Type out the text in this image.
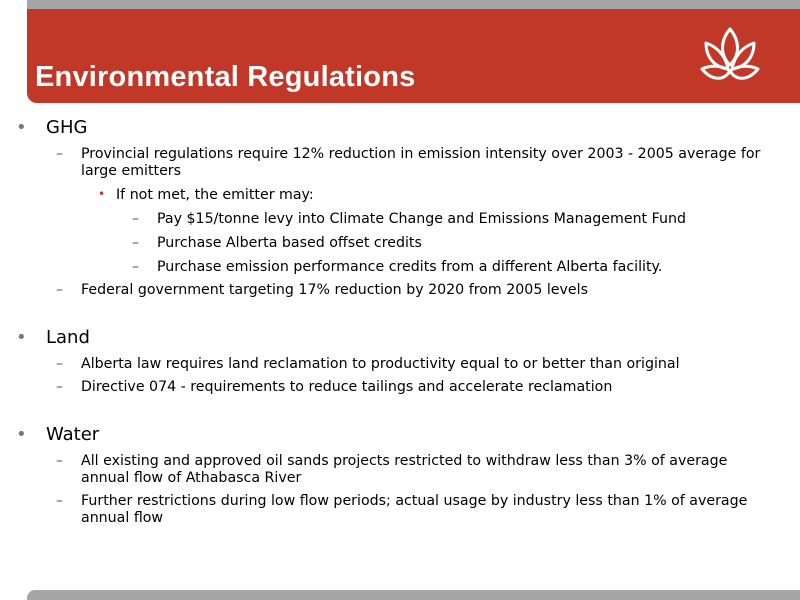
Environmental Regulations
• GHG
– Provincial regulations require 12% reduction in emission intensity over 2003 - 2005 average for large emitters
• If not met, the emitter may:
– Pay $15/tonne levy into Climate Change and Emissions Management Fund
– Purchase Alberta based offset credits
– Purchase emission performance credits from a different Alberta facility.
– Federal government targeting 17% reduction by 2020 from 2005 levels
• Land
– Alberta law requires land reclamation to productivity equal to or better than original
– Directive 074 - requirements to reduce tailings and accelerate reclamation
• Water
– All existing and approved oil sands projects restricted to withdraw less than 3% of average annual flow of Athabasca River
– Further restrictions during low flow periods; actual usage by industry less than 1% of average annual flow
